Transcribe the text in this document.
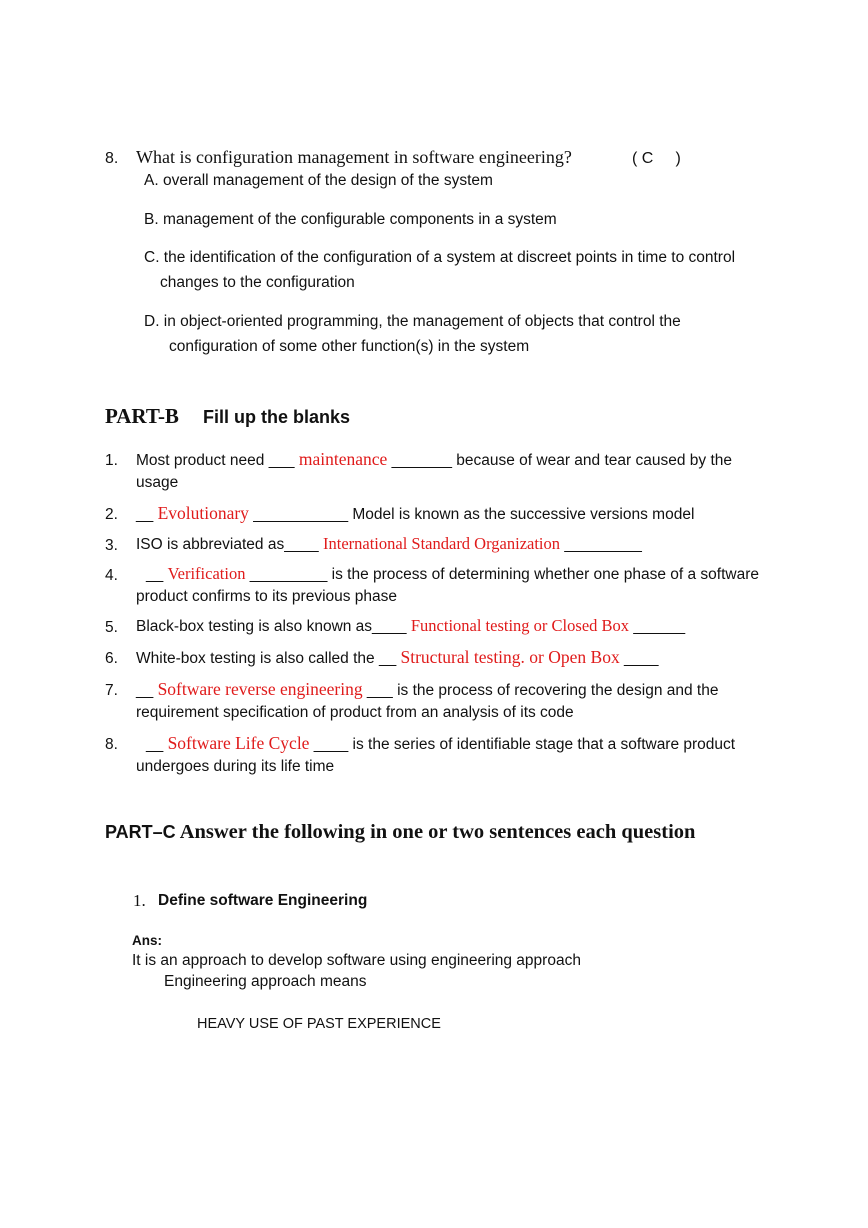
8. What is configuration management in software engineering?	( C     )
A. overall management of the design of the system
B. management of the configurable components in a system
C. the identification of the configuration of a system at discreet points in time to control
changes to the configuration
D. in object-oriented programming, the management of objects that control the
configuration of some other function(s) in the system
PART-B Fill up the blanks
1. Most product need ___ maintenance _______ because of wear and tear caused by the
usage
2. __ Evolutionary ___________ Model is known as the successive versions model
3. ISO is abbreviated as____ International Standard Organization _________
4. __ Verification _________ is the process of determining whether one phase of a software
product confirms to its previous phase
5. Black-box testing is also known as____ Functional testing or Closed Box ______
6. White-box testing is also called the __ Structural testing. or Open Box ____
7. __ Software reverse engineering ___ is the process of recovering the design and the
requirement specification of product from an analysis of its code
8. __ Software Life Cycle ____ is the series of identifiable stage that a software product
undergoes during its life time
PART–C Answer the following in one or two sentences each question
1. Define software Engineering
Ans:
It is an approach to develop software using engineering approach
Engineering approach means
HEAVY USE OF PAST EXPERIENCE
